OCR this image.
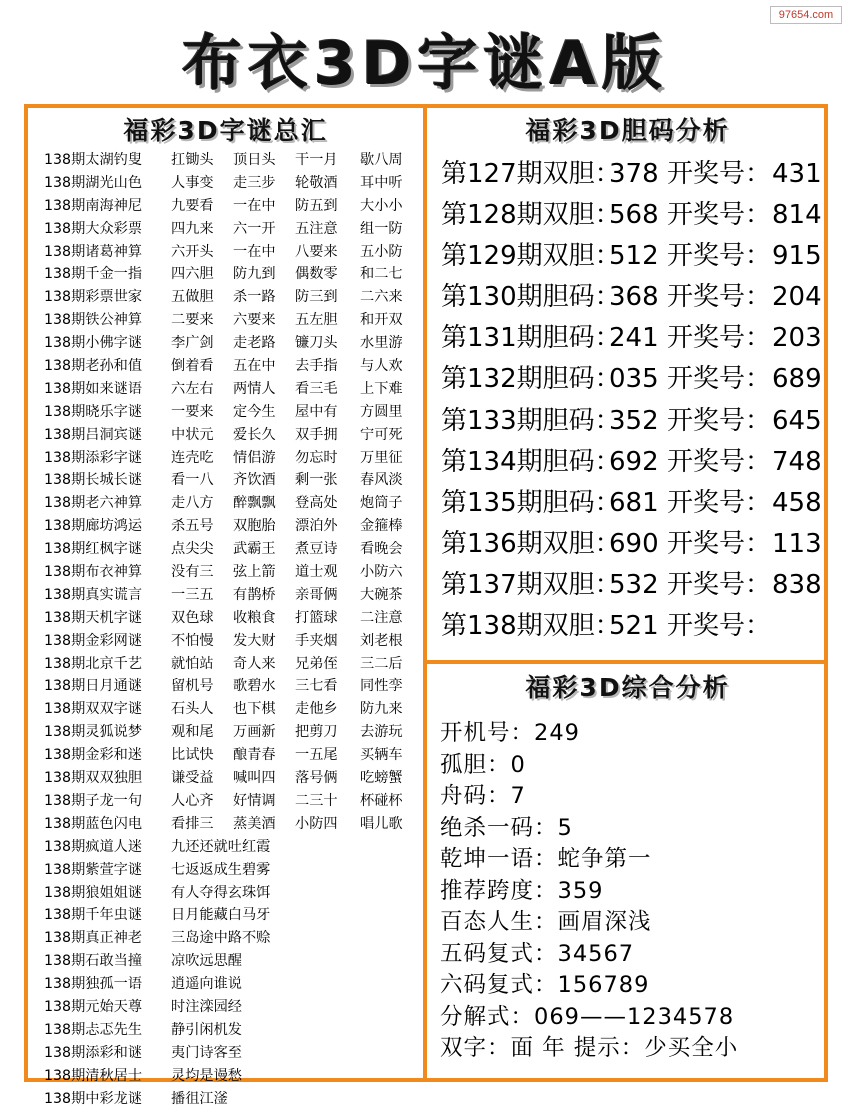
97654.com
布衣3D字谜A版
福彩3D字谜总汇
138期太湖钓叟 扛锄头 顶日头 干一月 歇八周
138期湖光山色 人事变 走三步 轮敬酒 耳中听
138期南海神尼 九要看 一在中 防五到 大小小
138期大众彩票 四九来 六一开 五注意 组一防
138期诸葛神算 六开头 一在中 八要来 五小防
138期千金一指 四六胆 防九到 偶数零 和二七
138期彩票世家 五做胆 杀一路 防三到 二六来
138期铁公神算 二要来 六要来 五左胆 和开双
138期小佛字谜 李广剑 走老路 镰刀头 水里游
138期老孙和值 倒着看 五在中 去手指 与人欢
138期如来谜语 六左右 两情人 看三毛 上下难
138期晓乐字谜 一要来 定今生 屋中有 方圆里
138期吕洞宾谜 中状元 爱长久 双手拥 宁可死
138期添彩字谜 连壳吃 情侣游 勿忘时 万里征
138期长城长谜 看一八 齐饮酒 剩一张 春风淡
138期老六神算 走八方 醉飘飘 登高处 炮筒子
138期廊坊鸿运 杀五号 双胞胎 漂泊外 金箍棒
138期红枫字谜 点尖尖 武霸王 煮豆诗 看晚会
138期布衣神算 没有三 弦上箭 道士观 小防六
138期真实谎言 一三五 有鹊桥 亲哥俩 大碗茶
138期天机字谜 双色球 收粮食 打篮球 二注意
138期金彩网谜 不怕慢 发大财 手夹烟 刘老根
138期北京千艺 就怕站 奇人来 兄弟侄 三二后
138期日月通谜 留机号 歌碧水 三七看 同性孪
138期双双字谜 石头人 也下棋 走他乡 防九来
138期灵狐说梦 观和尾 万画新 把剪刀 去游玩
138期金彩和迷 比试快 酿青春 一五尾 买辆车
138期双双独胆 谦受益 喊叫四 落号俩 吃螃蟹
138期子龙一句 人心齐 好情调 二三十 杯碰杯
138期蓝色闪电 看排三 蒸美酒 小防四 唱儿歌
138期疯道人迷 九还还就吐红霞
138期紫萱字谜 七返返成生碧雾
138期狼姐姐谜 有人夺得玄珠饵
138期千年虫谜 日月能藏白马牙
138期真正神老 三岛途中路不赊
138期石敢当撞 凉吹远思醒
138期独孤一语 逍遥向谁说
138期元始天尊 时注滦园经
138期忐忑先生 静引闲机发
138期添彩和谜 夷门诗客至
138期清秋居士 灵均是谩愁
138期中彩龙谜 播徂江滏
福彩3D胆码分析
第127期双胆：
378 开奖号： 431
第128期双胆：
568 开奖号： 814
第129期双胆：
512 开奖号： 915
第130期胆码：
368 开奖号： 204
第131期胆码：
241 开奖号： 203
第132期胆码：
035 开奖号： 689
第133期胆码：
352 开奖号： 645
第134期胆码：
692 开奖号： 748
第135期胆码：
681 开奖号： 458
第136期双胆：
690 开奖号： 113
第137期双胆：
532 开奖号： 838
第138期双胆：
521 开奖号：
福彩3D综合分析
开机号：249
孤胆：0
舟码：7
绝杀一码：5
乾坤一语：蛇争第一
推荐跨度：359
百态人生：画眉深浅
五码复式：34567
六码复式：156789
分解式：069——1234578
双字：面 年 提示：少买全小
